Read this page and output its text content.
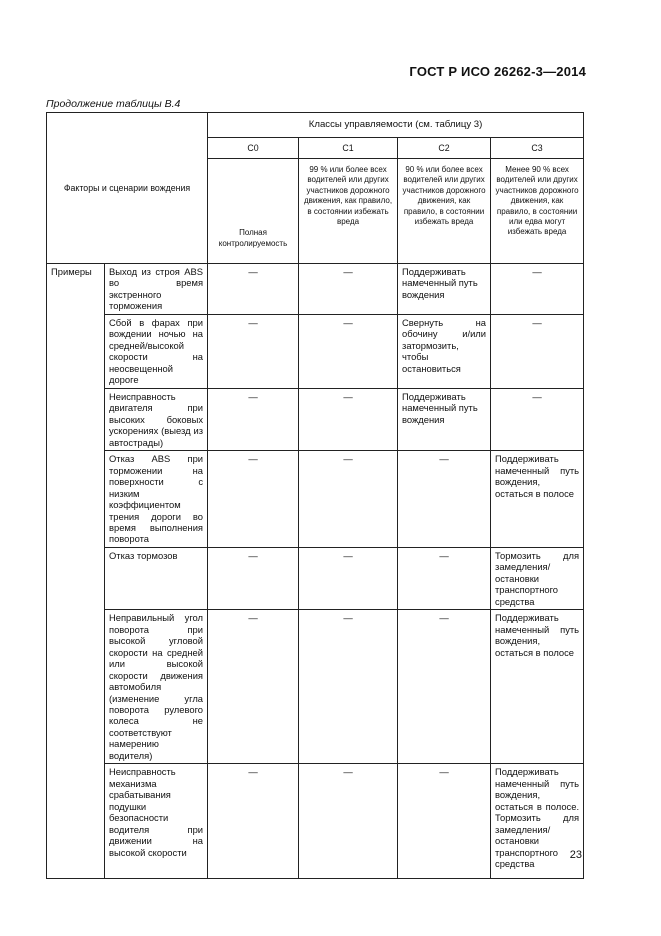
ГОСТ Р ИСО 26262-3—2014
Продолжение таблицы B.4
Факторы и сценарии вождения		Классы управляемости (см. таблицу 3)			
		C0	C1	C2	C3
		Полная контролируемость	99 % или более всех водителей или других участников дорожного движения, как правило, в состоянии избежать вреда	90 % или более всех водителей или других участников дорожного движения, как правило, в состоянии избежать вреда	Менее 90 % всех водителей или других участников дорожного движения, как правило, в состоянии или едва могут избежать вреда
Примеры	Выход из строя ABS во время экстренного торможения	—	—	Поддерживать намеченный путь вождения	—
	Сбой в фарах при вождении ночью на средней/высокой скорости на неосвещенной дороге	—	—	Свернуть на обочину и/или затормозить, чтобы остановиться	—
	Неисправность двигателя при высоких боковых ускорениях (выезд из автострады)	—	—	Поддерживать намеченный путь вождения	—
	Отказ ABS при торможении на поверхности с низким коэффициентом трения дороги во время выполнения поворота	—	—	—	Поддерживать намеченный путь вождения, остаться в полосе
	Отказ тормозов	—	—	—	Тормозить для замедления/остановки транспортного средства
	Неправильный угол поворота при высокой угловой скорости на средней или высокой скорости движения автомобиля (изменение угла поворота рулевого колеса не соответствуют намерению водителя)	—	—	—	Поддерживать намеченный путь вождения, остаться в полосе
	Неисправность механизма срабатывания подушки безопасности водителя при движении на высокой скорости	—	—	—	Поддерживать намеченный путь вождения, остаться в полосе. Тормозить для замедления/остановки транспортного средства
23
